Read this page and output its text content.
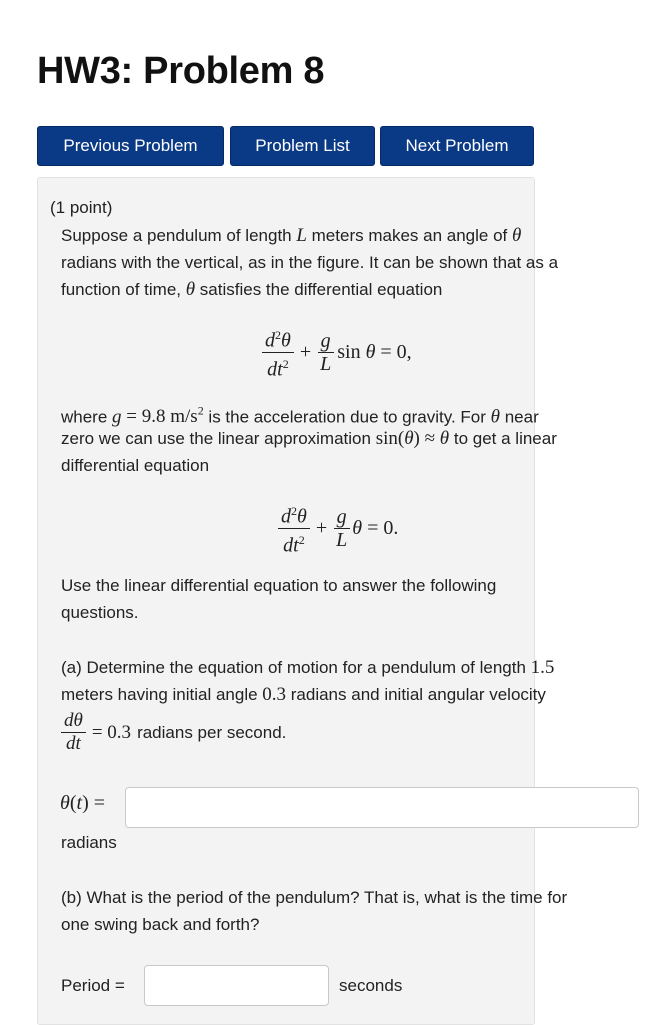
HW3: Problem 8
Previous Problem	Problem List	Next Problem
(1 point)
Suppose a pendulum of length L meters makes an angle of θ
radians with the vertical, as in the figure. It can be shown that as a
function of time, θ satisfies the differential equation
$\frac{d^2\theta}{dt^2} + \frac{g}{L}$ sin θ = 0,
where g = 9.8 $m/s^2$ is the acceleration due to gravity. For θ near
zero we can use the linear approximation sin(θ) ≈ θ to get a linear
differential equation
$\frac{d^2\theta}{dt^2} + \frac{g}{L}$ θ = 0.
Use the linear differential equation to answer the following
questions.
(a) Determine the equation of motion for a pendulum of length 1.5
meters having initial angle 0.3 radians and initial angular velocity
$\frac{d\theta}{dt} = 0.3$ radians per second.
θ(t) =
radians
(b) What is the period of the pendulum? That is, what is the time for
one swing back and forth?
Period =	seconds
